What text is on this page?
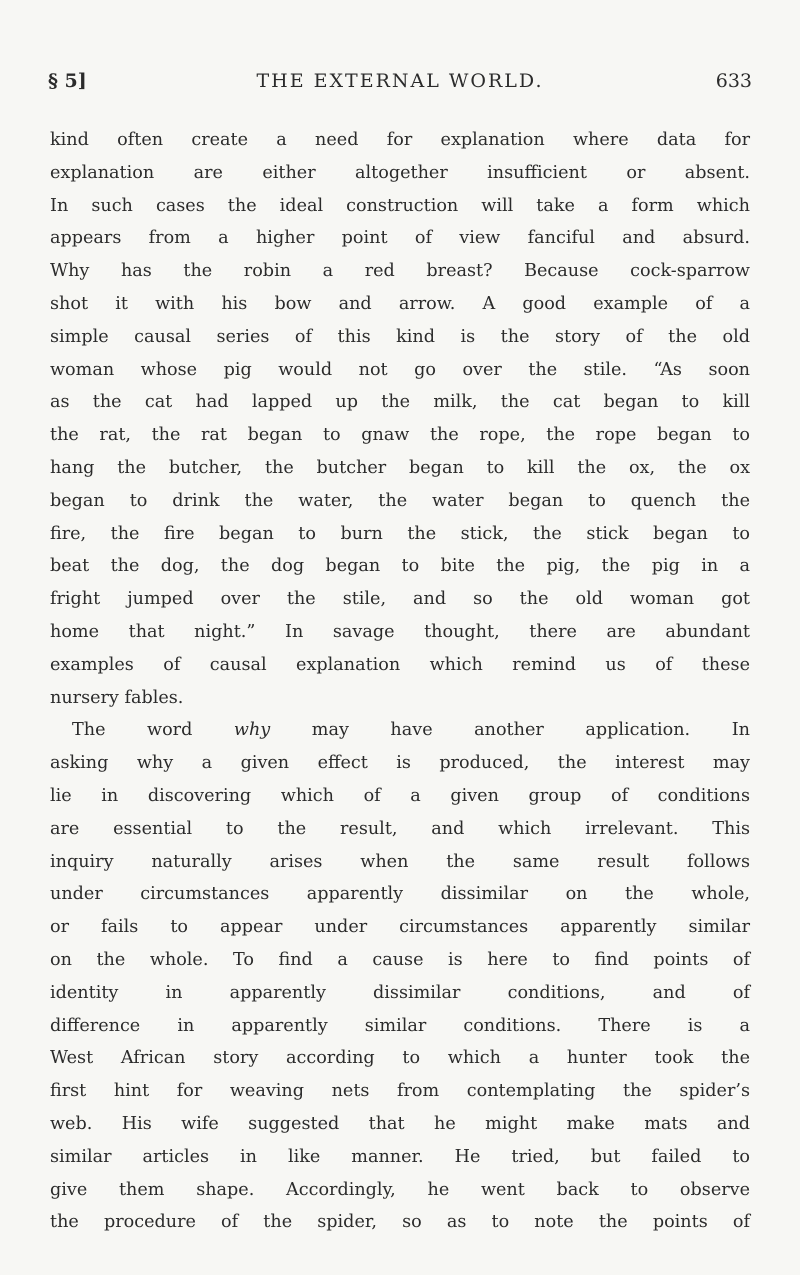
§ 5]	THE EXTERNAL WORLD.	633
kind often create a need for explanation where data for
explanation are either altogether insufficient or absent.
In such cases the ideal construction will take a form which
appears from a higher point of view fanciful and absurd.
Why has the robin a red breast? Because cock-sparrow
shot it with his bow and arrow. A good example of a
simple causal series of this kind is the story of the old
woman whose pig would not go over the stile. “As soon
as the cat had lapped up the milk, the cat began to kill
the rat, the rat began to gnaw the rope, the rope began to
hang the butcher, the butcher began to kill the ox, the ox
began to drink the water, the water began to quench the
fire, the fire began to burn the stick, the stick began to
beat the dog, the dog began to bite the pig, the pig in a
fright jumped over the stile, and so the old woman got
home that night.” In savage thought, there are abundant
examples of causal explanation which remind us of these
nursery fables.
The word why may have another application. In
asking why a given effect is produced, the interest may
lie in discovering which of a given group of conditions
are essential to the result, and which irrelevant. This
inquiry naturally arises when the same result follows
under circumstances apparently dissimilar on the whole,
or fails to appear under circumstances apparently similar
on the whole. To find a cause is here to find points of
identity in apparently dissimilar conditions, and of
difference in apparently similar conditions. There is a
West African story according to which a hunter took the
first hint for weaving nets from contemplating the spider’s
web. His wife suggested that he might make mats and
similar articles in like manner. He tried, but failed to
give them shape. Accordingly, he went back to observe
the procedure of the spider, so as to note the points of
